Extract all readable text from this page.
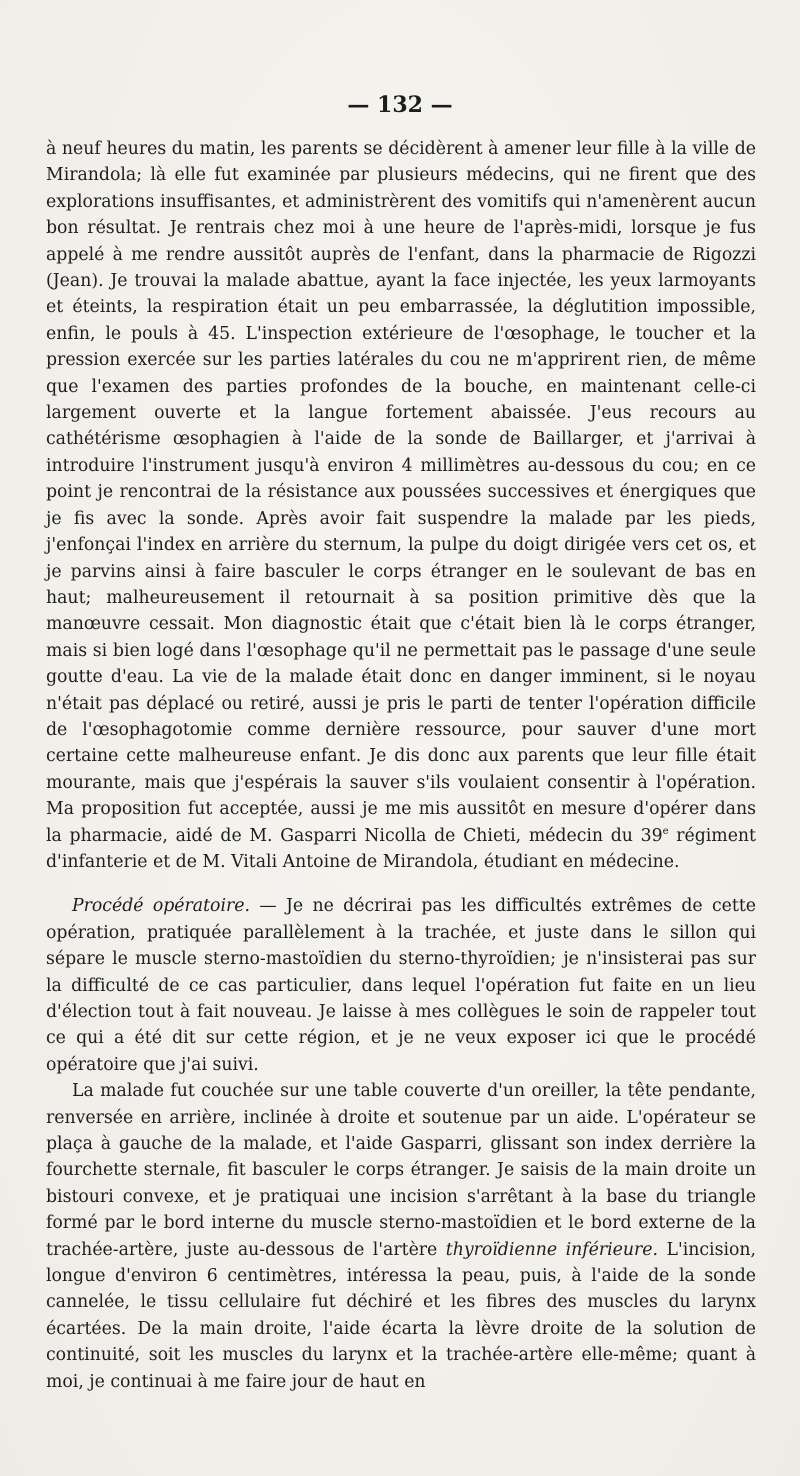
— 132 —

à neuf heures du matin, les parents se décidèrent à amener leur fille à la ville de Mirandola; là elle fut examinée par plusieurs médecins, qui ne firent que des explorations insuffisantes, et administrèrent des vomitifs qui n'amenèrent aucun bon résultat. Je rentrais chez moi à une heure de l'après-midi, lorsque je fus appelé à me rendre aussitôt auprès de l'enfant, dans la pharmacie de Rigozzi (Jean). Je trouvai la malade abattue, ayant la face injectée, les yeux larmoyants et éteints, la respiration était un peu embarrassée, la déglutition impossible, enfin, le pouls à 45. L'inspection extérieure de l'œsophage, le toucher et la pression exercée sur les parties latérales du cou ne m'apprirent rien, de même que l'examen des parties profondes de la bouche, en maintenant celle-ci largement ouverte et la langue fortement abaissée. J'eus recours au cathétérisme œsophagien à l'aide de la sonde de Baillarger, et j'arrivai à introduire l'instrument jusqu'à environ 4 millimètres au-dessous du cou; en ce point je rencontrai de la résistance aux poussées successives et énergiques que je fis avec la sonde. Après avoir fait suspendre la malade par les pieds, j'enfonçai l'index en arrière du sternum, la pulpe du doigt dirigée vers cet os, et je parvins ainsi à faire basculer le corps étranger en le soulevant de bas en haut; malheureusement il retournait à sa position primitive dès que la manœuvre cessait. Mon diagnostic était que c'était bien là le corps étranger, mais si bien logé dans l'œsophage qu'il ne permettait pas le passage d'une seule goutte d'eau. La vie de la malade était donc en danger imminent, si le noyau n'était pas déplacé ou retiré, aussi je pris le parti de tenter l'opération difficile de l'œsophagotomie comme dernière ressource, pour sauver d'une mort certaine cette malheureuse enfant. Je dis donc aux parents que leur fille était mourante, mais que j'espérais la sauver s'ils voulaient consentir à l'opération. Ma proposition fut acceptée, aussi je me mis aussitôt en mesure d'opérer dans la pharmacie, aidé de M. Gasparri Nicolla de Chieti, médecin du 39e régiment d'infanterie et de M. Vitali Antoine de Mirandola, étudiant en médecine.

Procédé opératoire. — Je ne décrirai pas les difficultés extrêmes de cette opération, pratiquée parallèlement à la trachée, et juste dans le sillon qui sépare le muscle sterno-mastoïdien du sterno-thyroïdien; je n'insisterai pas sur la difficulté de ce cas particulier, dans lequel l'opération fut faite en un lieu d'élection tout à fait nouveau. Je laisse à mes collègues le soin de rappeler tout ce qui a été dit sur cette région, et je ne veux exposer ici que le procédé opératoire que j'ai suivi.

La malade fut couchée sur une table couverte d'un oreiller, la tête pendante, renversée en arrière, inclinée à droite et soutenue par un aide. L'opérateur se plaça à gauche de la malade, et l'aide Gasparri, glissant son index derrière la fourchette sternale, fit basculer le corps étranger. Je saisis de la main droite un bistouri convexe, et je pratiquai une incision s'arrêtant à la base du triangle formé par le bord interne du muscle sterno-mastoïdien et le bord externe de la trachée-artère, juste au-dessous de l'artère thyroïdienne inférieure. L'incision, longue d'environ 6 centimètres, intéressa la peau, puis, à l'aide de la sonde cannelée, le tissu cellulaire fut déchiré et les fibres des muscles du larynx écartées. De la main droite, l'aide écarta la lèvre droite de la solution de continuité, soit les muscles du larynx et la trachée-artère elle-même; quant à moi, je continuai à me faire jour de haut en
